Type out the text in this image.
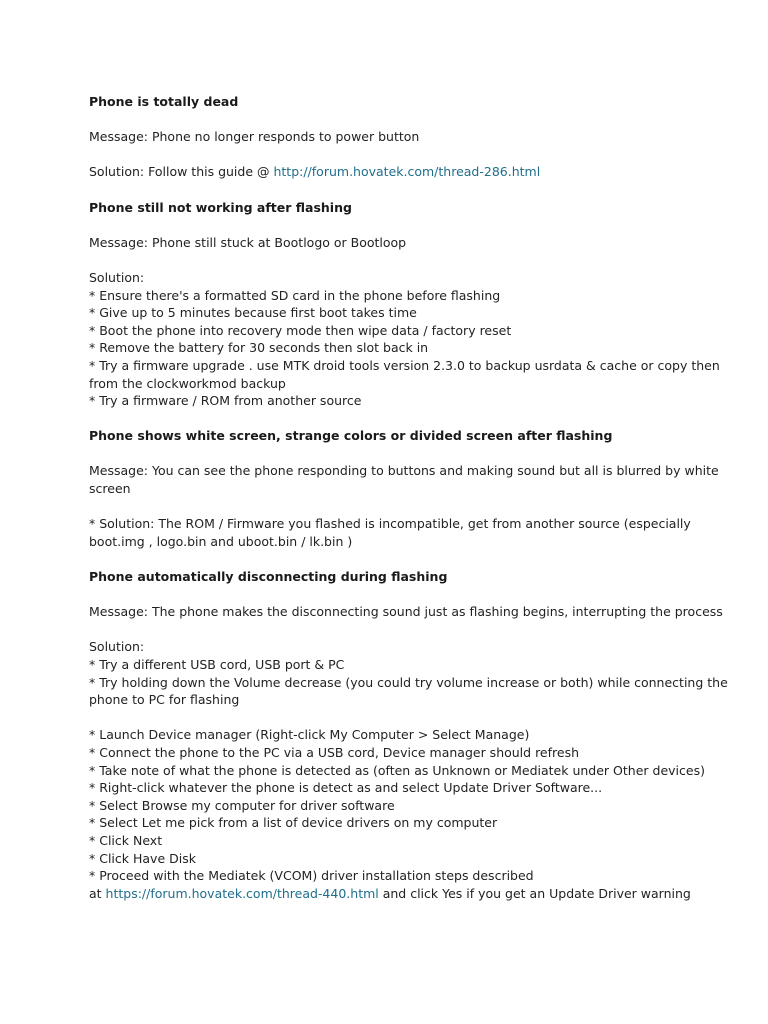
Phone is totally dead

Message: Phone no longer responds to power button

Solution: Follow this guide @ http://forum.hovatek.com/thread-286.html

Phone still not working after flashing

Message: Phone still stuck at Bootlogo or Bootloop

Solution:

* Ensure there's a formatted SD card in the phone before flashing

* Give up to 5 minutes because first boot takes time

* Boot the phone into recovery mode then wipe data / factory reset

* Remove the battery for 30 seconds then slot back in

* Try a firmware upgrade . use MTK droid tools version 2.3.0 to backup usrdata & cache or copy then from the clockworkmod backup

* Try a firmware / ROM from another source

Phone shows white screen, strange colors or divided screen after flashing

Message: You can see the phone responding to buttons and making sound but all is blurred by white screen

* Solution: The ROM / Firmware you flashed is incompatible, get from another source (especially boot.img , logo.bin and uboot.bin / lk.bin )

Phone automatically disconnecting during flashing

Message: The phone makes the disconnecting sound just as flashing begins, interrupting the process

Solution:

* Try a different USB cord, USB port & PC

* Try holding down the Volume decrease (you could try volume increase or both) while connecting the phone to PC for flashing

* Launch Device manager (Right-click My Computer > Select Manage)

* Connect the phone to the PC via a USB cord, Device manager should refresh

* Take note of what the phone is detected as (often as Unknown or Mediatek under Other devices)

* Right-click whatever the phone is detect as and select Update Driver Software...

* Select Browse my computer for driver software

* Select Let me pick from a list of device drivers on my computer

* Click Next

* Click Have Disk

* Proceed with the Mediatek (VCOM) driver installation steps described

at https://forum.hovatek.com/thread-440.html and click Yes if you get an Update Driver warning
